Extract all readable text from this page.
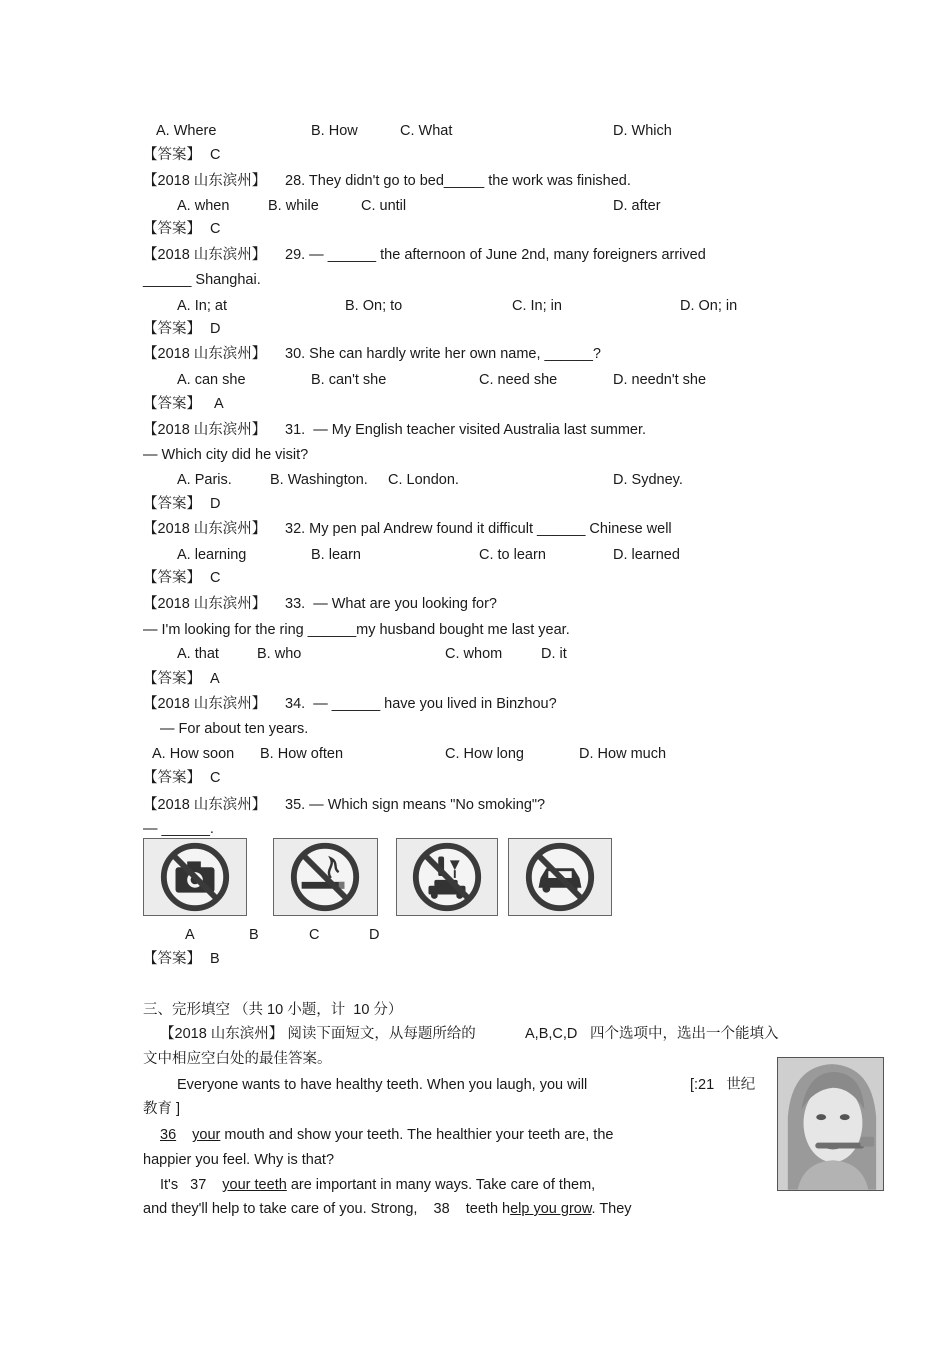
A. Where	B. How	C. What	D. Which
【答案】 C
【2018 山东滨州】 28. They didn't go to bed_____ the work was finished.
A. when	B. while	C. until	D. after
【答案】 C
【2018 山东滨州】 29. — ______ the afternoon of June 2nd, many foreigners arrived
______ Shanghai.
A. In; at	B. On; to	C. In; in	D. On; in
【答案】 D
【2018 山东滨州】 30. She can hardly write her own name, ______?
A. can she	B. can't she	C. need she	D. needn't she
【答案】 A
【2018 山东滨州】 31.  — My English teacher visited Australia last summer.
— Which city did he visit?
A. Paris.	B. Washington. C. London.	D. Sydney.
【答案】 D
【2018 山东滨州】 32. My pen pal Andrew found it difficult ______ Chinese well
A. learning	B. learn	C. to learn	D. learned
【答案】 C
【2018 山东滨州】 33.  — What are you looking for?
— I'm looking for the ring ______my husband bought me last year.
A. that	B. who	C. whom	D. it
【答案】 A
【2018 山东滨州】 34.  — ______ have you lived in Binzhou?
— For about ten years.
A. How soon B. How often	C. How long	D. How much
【答案】 C
【2018 山东滨州】 35. — Which sign means "No smoking"?
— ______.
A	B	C	D
【答案】 B
三、完形填空 （共 10 小题，计  10 分）
【2018 山东滨州】 阅读下面短文，从每题所给的	A,B,C,D 四个选项中，选出一个能填入
文中相应空白处的最佳答案。
Everyone wants to have healthy teeth. When you laugh, you will	[:21   世纪
教育 ]
36 your mouth and show your teeth. The healthier your teeth are, the
happier you feel. Why is that?
It's   37 your teeth are important in many ways. Take care of them,
and they'll help to take care of you. Strong,    38    teeth help you grow. They
